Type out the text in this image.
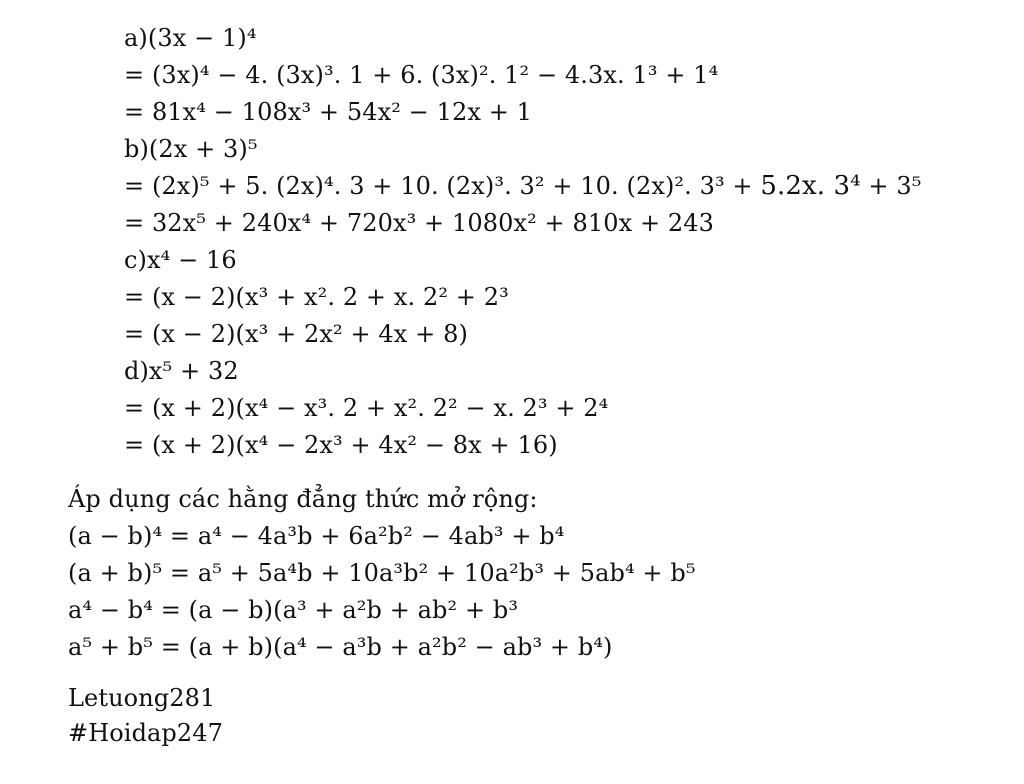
a)(3x − 1)⁴
= (3x)⁴ − 4. (3x)³. 1 + 6. (3x)². 1² − 4.3x. 1³ + 1⁴
= 81x⁴ − 108x³ + 54x² − 12x + 1
b)(2x + 3)⁵
= (2x)⁵ + 5. (2x)⁴. 3 + 10. (2x)³. 3² + 10. (2x)². 3³ + 5.2x. 3⁴ + 3⁵
= 32x⁵ + 240x⁴ + 720x³ + 1080x² + 810x + 243
c)x⁴ − 16
= (x − 2)(x³ + x². 2 + x. 2² + 2³
= (x − 2)(x³ + 2x² + 4x + 8)
d)x⁵ + 32
= (x + 2)(x⁴ − x³. 2 + x². 2² − x. 2³ + 2⁴
= (x + 2)(x⁴ − 2x³ + 4x² − 8x + 16)
Áp dụng các hằng đẳng thức mở rộng:
(a − b)⁴ = a⁴ − 4a³b + 6a²b² − 4ab³ + b⁴
(a + b)⁵ = a⁵ + 5a⁴b + 10a³b² + 10a²b³ + 5ab⁴ + b⁵
a⁴ − b⁴ = (a − b)(a³ + a²b + ab² + b³
a⁵ + b⁵ = (a + b)(a⁴ − a³b + a²b² − ab³ + b⁴)
Letuong281
#Hoidap247
